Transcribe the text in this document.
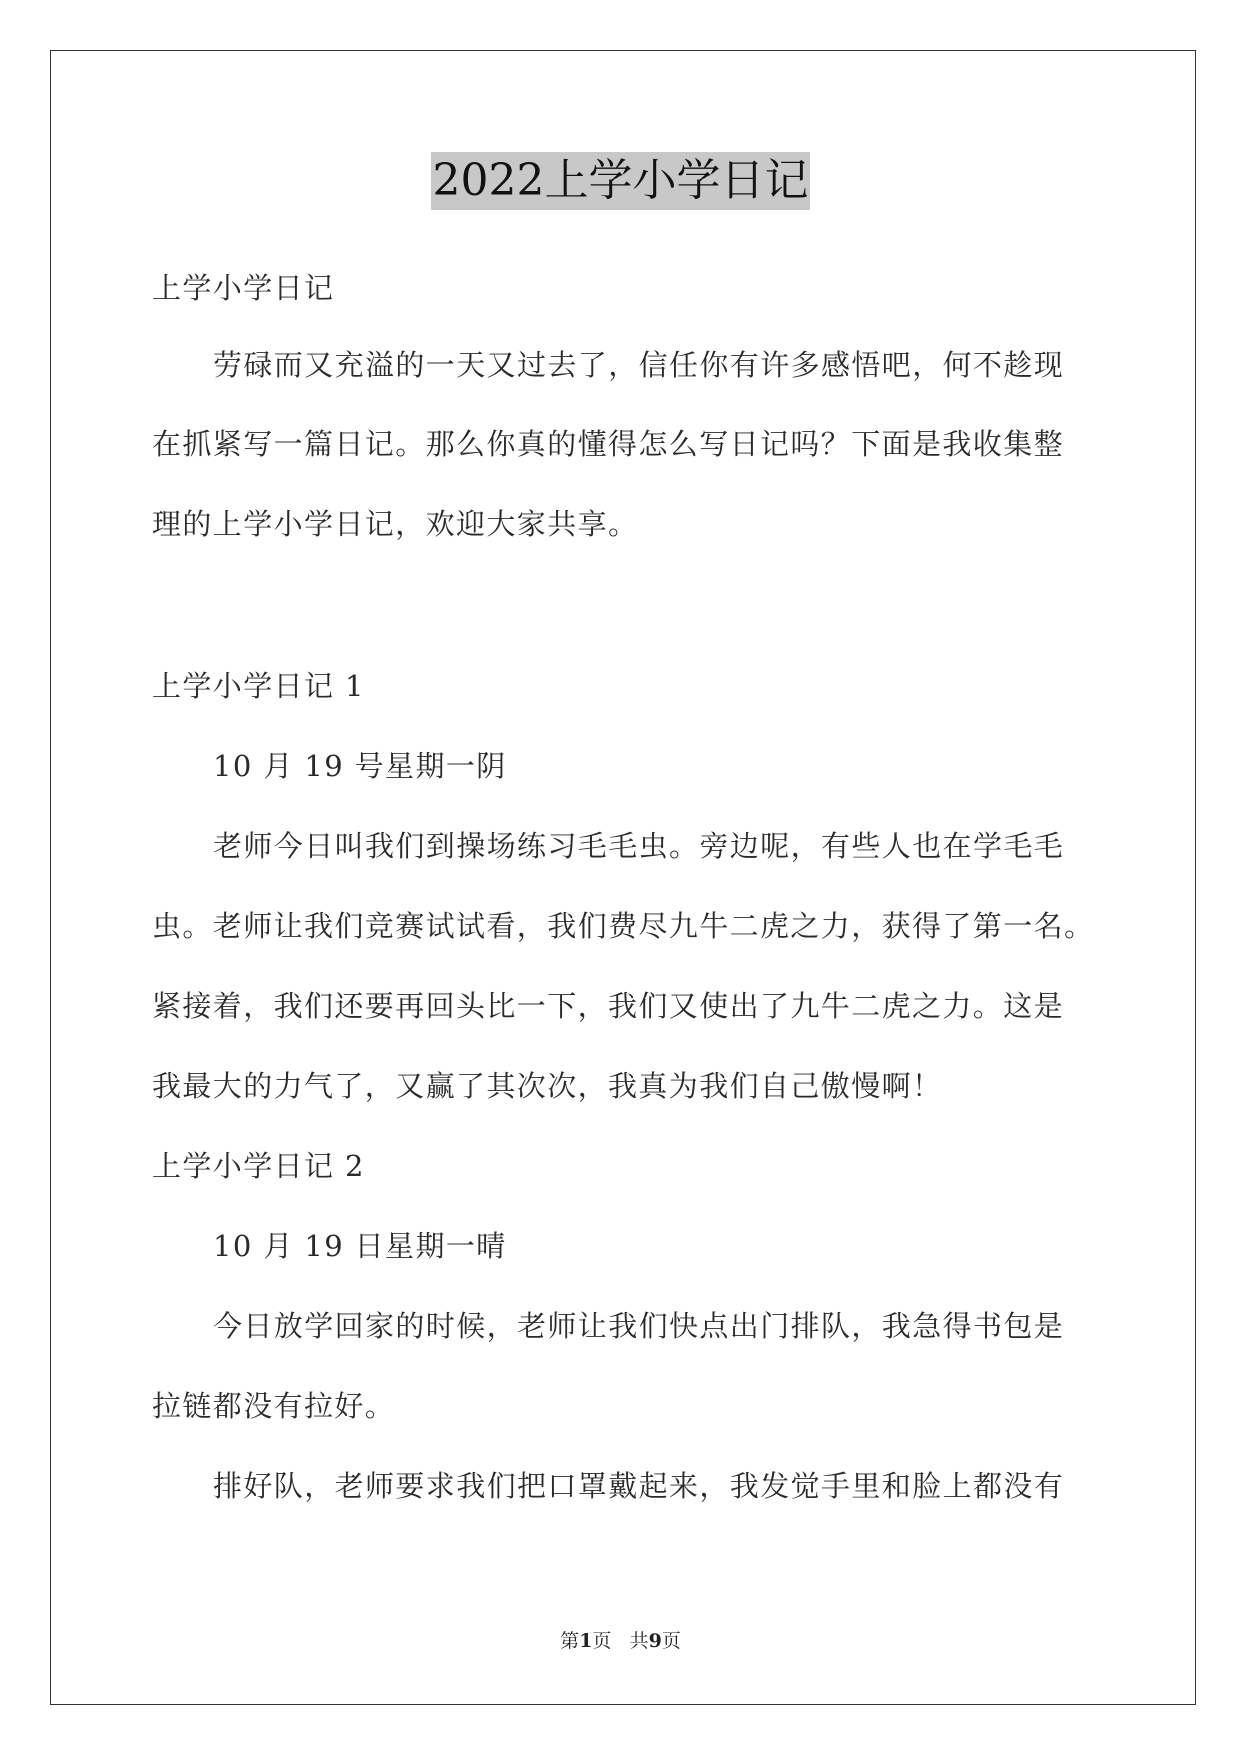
2022上学小学日记
上学小学日记
劳碌而又充溢的一天又过去了，信任你有许多感悟吧，何不趁现
在抓紧写一篇日记。那么你真的懂得怎么写日记吗？下面是我收集整
理的上学小学日记，欢迎大家共享。
上学小学日记 1
10 月 19 号星期一阴
老师今日叫我们到操场练习毛毛虫。旁边呢，有些人也在学毛毛
虫。老师让我们竞赛试试看，我们费尽九牛二虎之力，获得了第一名。
紧接着，我们还要再回头比一下，我们又使出了九牛二虎之力。这是
我最大的力气了，又赢了其次次，我真为我们自己傲慢啊！
上学小学日记 2
10 月 19 日星期一晴
今日放学回家的时候，老师让我们快点出门排队，我急得书包是
拉链都没有拉好。
排好队，老师要求我们把口罩戴起来，我发觉手里和脸上都没有
第1页 共9页
